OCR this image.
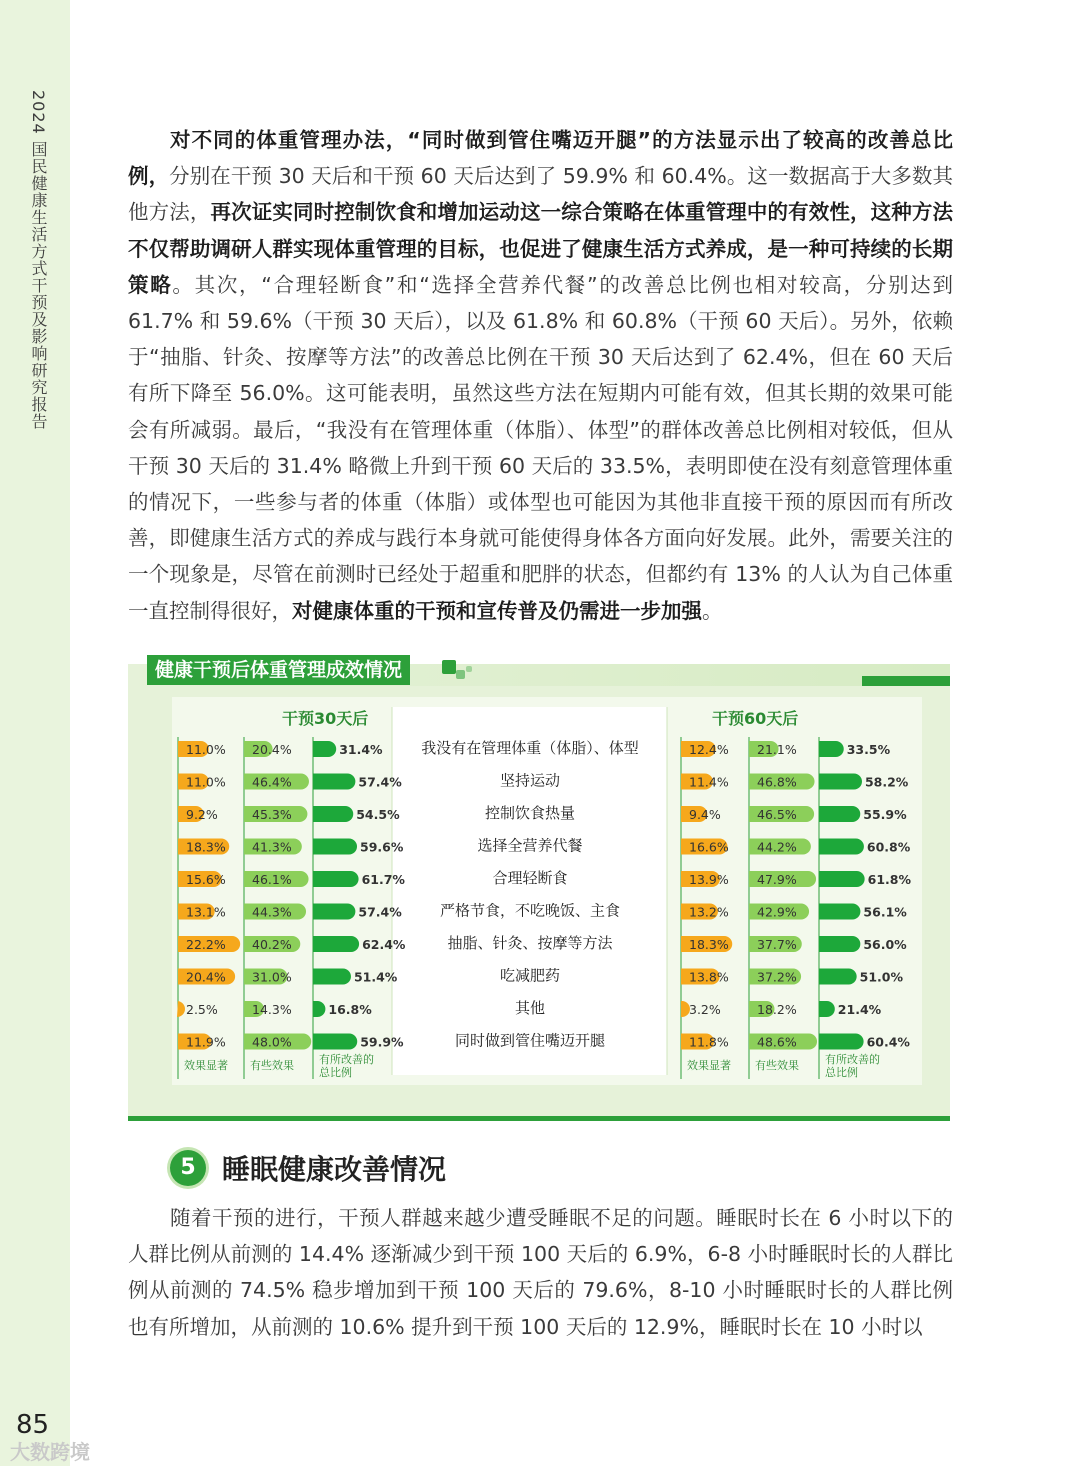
2024 国民健康生活方式干预及影响研究报告
85
大数跨境

对不同的体重管理办法，“同时做到管住嘴迈开腿”的方法显示出了较高的改善总比例，分别在干预 30 天后和干预 60 天后达到了 59.9% 和 60.4%。这一数据高于大多数其他方法，再次证实同时控制饮食和增加运动这一综合策略在体重管理中的有效性，这种方法不仅帮助调研人群实现体重管理的目标，也促进了健康生活方式养成，是一种可持续的长期策略。其次，“合理轻断食”和“选择全营养代餐”的改善总比例也相对较高，分别达到 61.7% 和 59.6%（干预 30 天后），以及 61.8% 和 60.8%（干预 60 天后）。另外，依赖于“抽脂、针灸、按摩等方法”的改善总比例在干预 30 天后达到了 62.4%，但在 60 天后有所下降至 56.0%。这可能表明，虽然这些方法在短期内可能有效，但其长期的效果可能会有所减弱。最后，“我没有在管理体重（体脂）、体型”的群体改善总比例相对较低，但从干预 30 天后的 31.4% 略微上升到干预 60 天后的 33.5%，表明即使在没有刻意管理体重的情况下，一些参与者的体重（体脂）或体型也可能因为其他非直接干预的原因而有所改善，即健康生活方式的养成与践行本身就可能使得身体各方面向好发展。此外，需要关注的一个现象是，尽管在前测时已经处于超重和肥胖的状态，但都约有 13% 的人认为自己体重一直控制得很好，对健康体重的干预和宣传普及仍需进一步加强。

健康干预后体重管理成效情况
干预30天后	干预60天后
我没有在管理体重（体脂）、体型
坚持运动
控制饮食热量
选择全营养代餐
合理轻断食
严格节食，不吃晚饭、主食
抽脂、针灸、按摩等方法
吃减肥药
其他
同时做到管住嘴迈开腿
11.0%
11.0%
9.2%
18.3%
15.6%
13.1%
22.2%
20.4%
2.5%
11.9%
20.4%
46.4%
45.3%
41.3%
46.1%
44.3%
40.2%
31.0%
14.3%
48.0%
31.4%
57.4%
54.5%
59.6%
61.7%
57.4%
62.4%
51.4%
16.8%
59.9%
效果显著 有些效果 有所改善的
总比例
12.4%
11.4%
9.4%
16.6%
13.9%
13.2%
18.3%
13.8%
3.2%
11.8%
21.1%
46.8%
46.5%
44.2%
47.9%
42.9%
37.7%
37.2%
18.2%
48.6%
33.5%
58.2%
55.9%
60.8%
61.8%
56.1%
56.0%
51.0%
21.4%
60.4%
效果显著 有些效果 有所改善的
总比例
5 睡眠健康改善情况

随着干预的进行，干预人群越来越少遭受睡眠不足的问题。睡眠时长在 6 小时以下的人群比例从前测的 14.4% 逐渐减少到干预 100 天后的 6.9%，6-8 小时睡眠时长的人群比例从前测的 74.5% 稳步增加到干预 100 天后的 79.6%，8-10 小时睡眠时长的人群比例也有所增加，从前测的 10.6% 提升到干预 100 天后的 12.9%，睡眠时长在 10 小时以
